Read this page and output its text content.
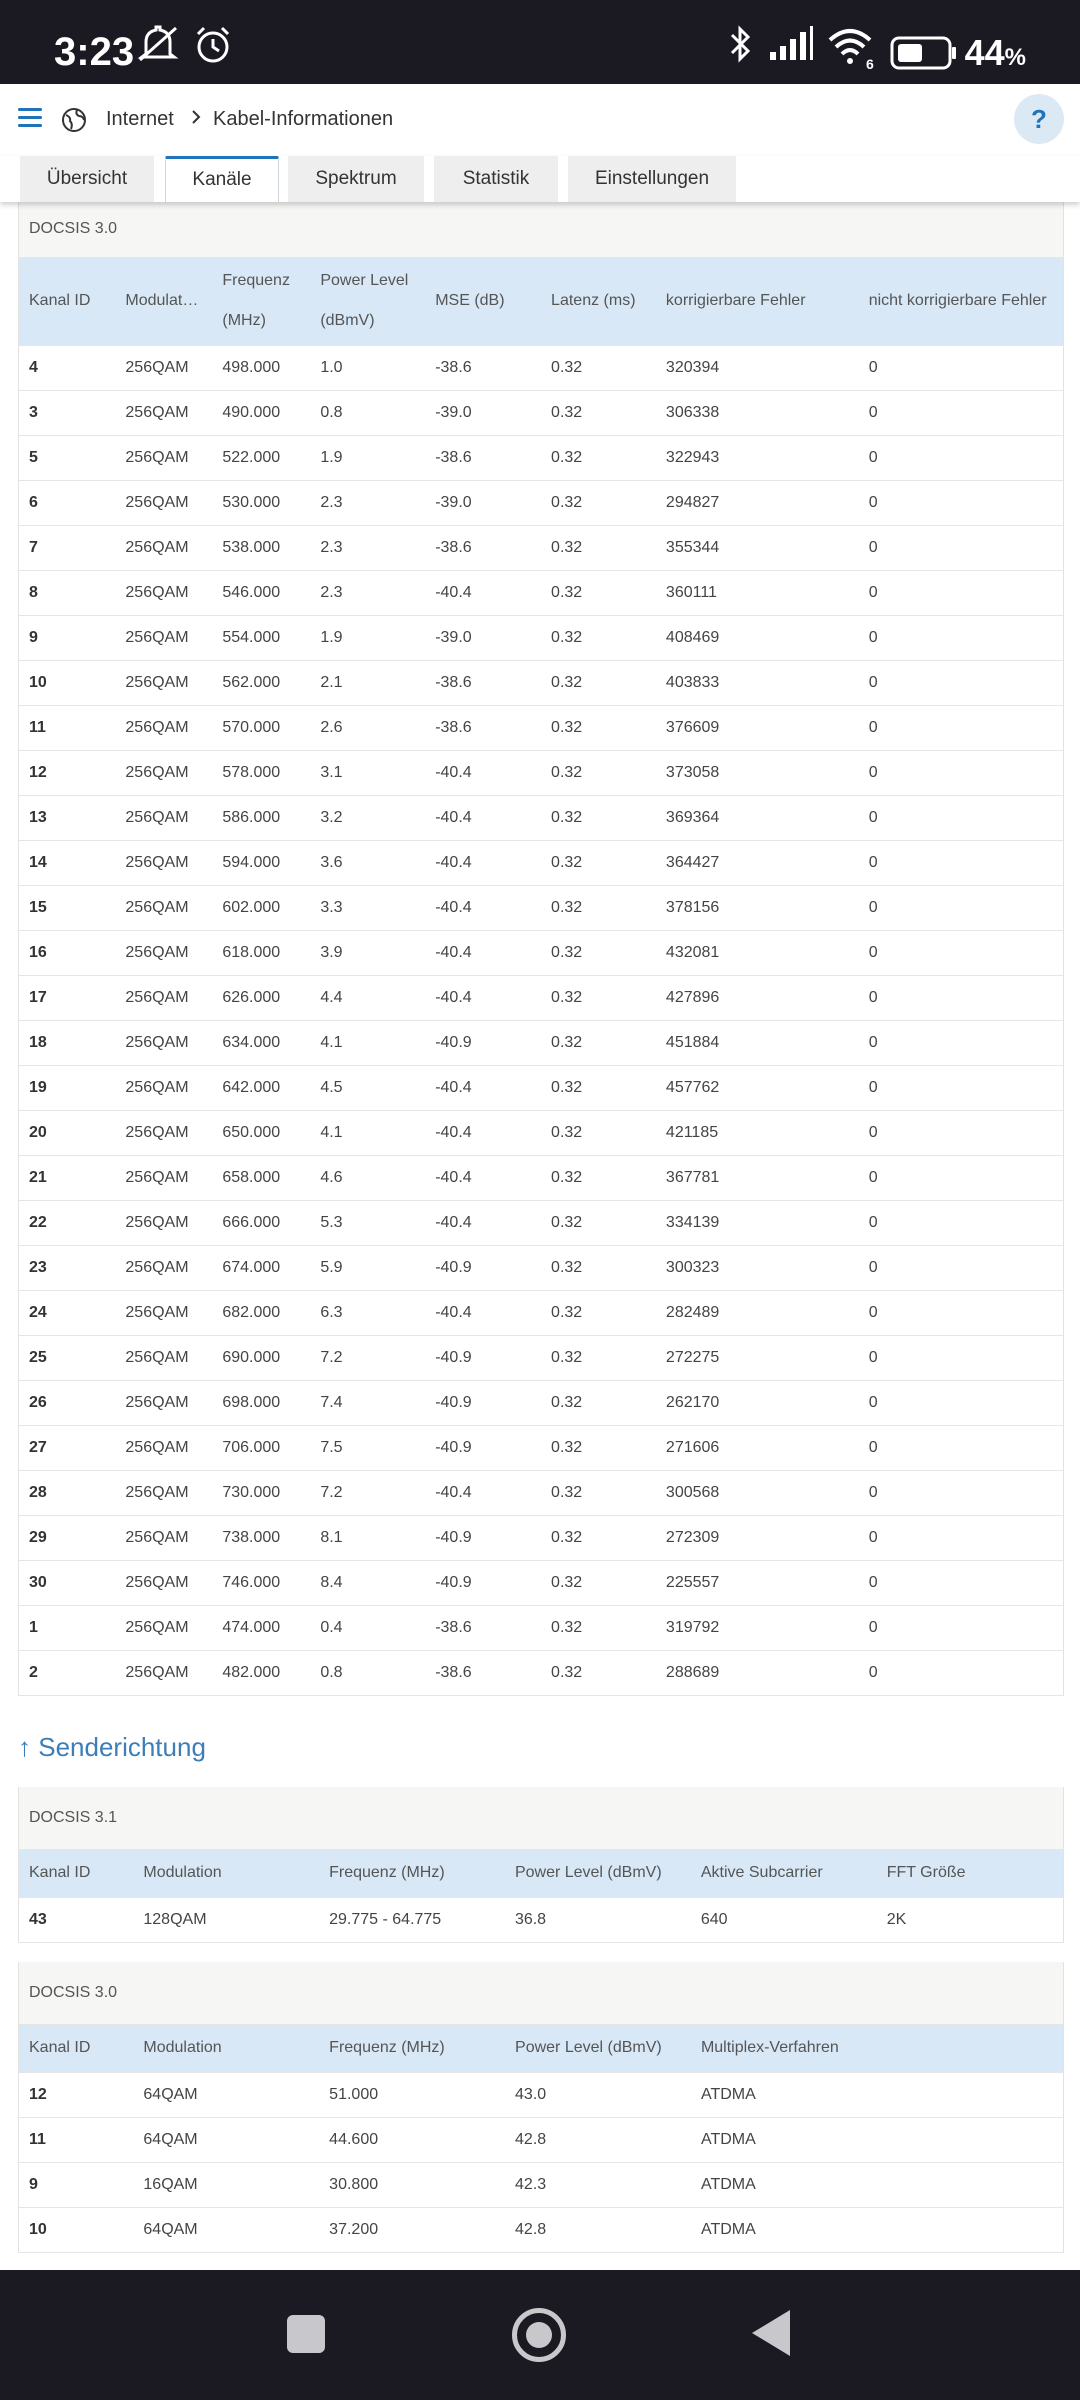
3:23	6	44%
Internet Kabel-Informationen	?
Übersicht	Kanäle	Spektrum	Statistik	Einstellungen
DOCSIS 3.0							
Kanal ID	Modulat…	Frequenz (MHz)	Power Level (dBmV)	MSE (dB)	Latenz (ms)	korrigierbare Fehler	nicht korrigierbare Fehler
4	256QAM	498.000	1.0	-38.6	0.32	320394	0
3	256QAM	490.000	0.8	-39.0	0.32	306338	0
5	256QAM	522.000	1.9	-38.6	0.32	322943	0
6	256QAM	530.000	2.3	-39.0	0.32	294827	0
7	256QAM	538.000	2.3	-38.6	0.32	355344	0
8	256QAM	546.000	2.3	-40.4	0.32	360111	0
9	256QAM	554.000	1.9	-39.0	0.32	408469	0
10	256QAM	562.000	2.1	-38.6	0.32	403833	0
11	256QAM	570.000	2.6	-38.6	0.32	376609	0
12	256QAM	578.000	3.1	-40.4	0.32	373058	0
13	256QAM	586.000	3.2	-40.4	0.32	369364	0
14	256QAM	594.000	3.6	-40.4	0.32	364427	0
15	256QAM	602.000	3.3	-40.4	0.32	378156	0
16	256QAM	618.000	3.9	-40.4	0.32	432081	0
17	256QAM	626.000	4.4	-40.4	0.32	427896	0
18	256QAM	634.000	4.1	-40.9	0.32	451884	0
19	256QAM	642.000	4.5	-40.4	0.32	457762	0
20	256QAM	650.000	4.1	-40.4	0.32	421185	0
21	256QAM	658.000	4.6	-40.4	0.32	367781	0
22	256QAM	666.000	5.3	-40.4	0.32	334139	0
23	256QAM	674.000	5.9	-40.9	0.32	300323	0
24	256QAM	682.000	6.3	-40.4	0.32	282489	0
25	256QAM	690.000	7.2	-40.9	0.32	272275	0
26	256QAM	698.000	7.4	-40.9	0.32	262170	0
27	256QAM	706.000	7.5	-40.9	0.32	271606	0
28	256QAM	730.000	7.2	-40.4	0.32	300568	0
29	256QAM	738.000	8.1	-40.9	0.32	272309	0
30	256QAM	746.000	8.4	-40.9	0.32	225557	0
1	256QAM	474.000	0.4	-38.6	0.32	319792	0
2	256QAM	482.000	0.8	-38.6	0.32	288689	0
↑ Senderichtung
DOCSIS 3.1					
Kanal ID	Modulation	Frequenz (MHz)	Power Level (dBmV)	Aktive Subcarrier	FFT Größe
43	128QAM	29.775 - 64.775	36.8	640	2K
DOCSIS 3.0				
Kanal ID	Modulation	Frequenz (MHz)	Power Level (dBmV)	Multiplex-Verfahren
12	64QAM	51.000	43.0	ATDMA
11	64QAM	44.600	42.8	ATDMA
9	16QAM	30.800	42.3	ATDMA
10	64QAM	37.200	42.8	ATDMA
